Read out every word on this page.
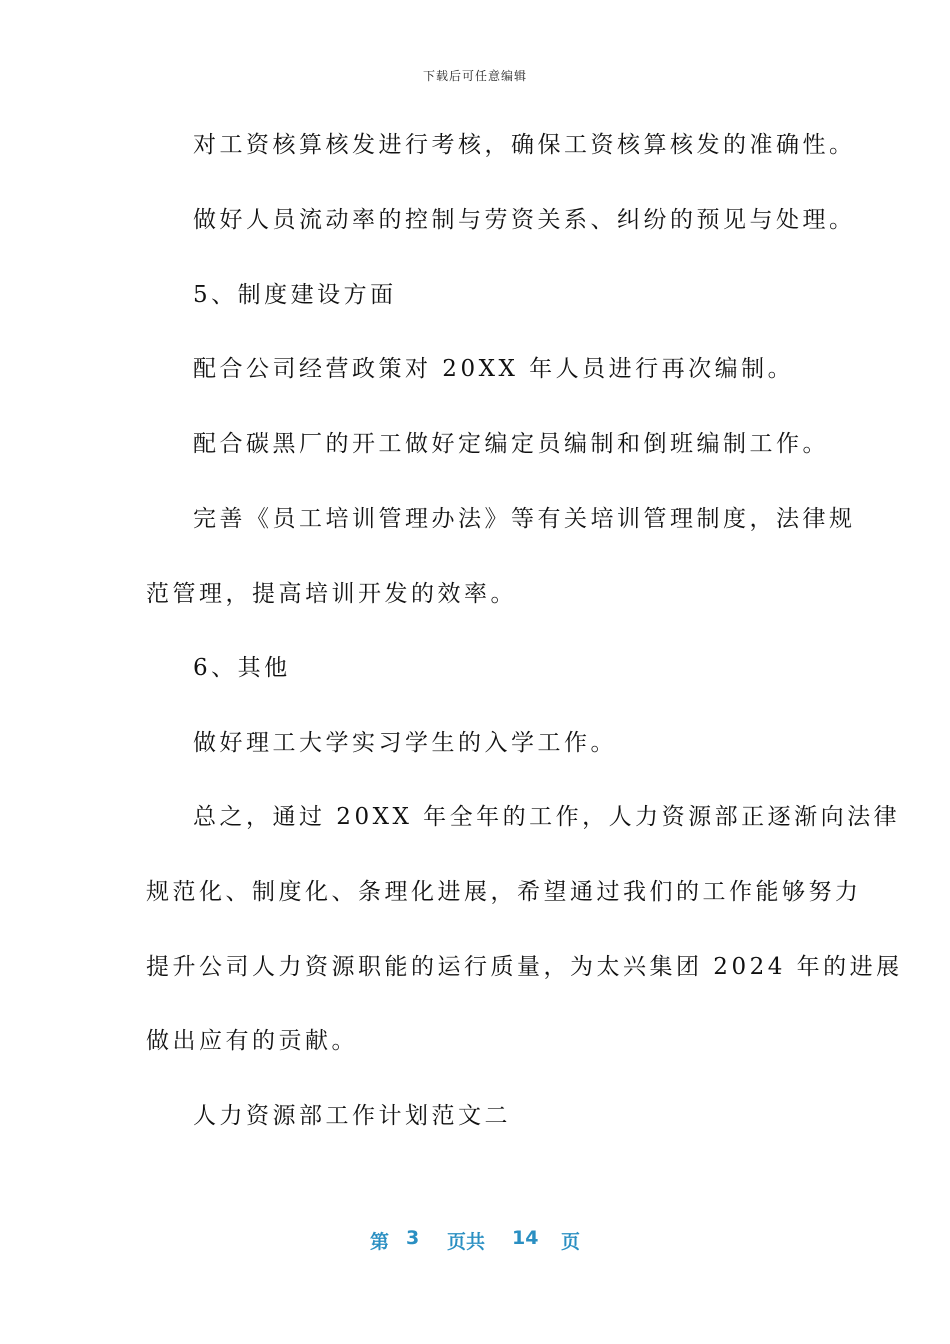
下载后可任意编辑
对工资核算核发进行考核，确保工资核算核发的准确性。
做好人员流动率的控制与劳资关系、纠纷的预见与处理。
5、制度建设方面
配合公司经营政策对 20XX 年人员进行再次编制。
配合碳黑厂的开工做好定编定员编制和倒班编制工作。
完善《员工培训管理办法》等有关培训管理制度，法律规
范管理，提高培训开发的效率。
6、其他
做好理工大学实习学生的入学工作。
总之，通过 20XX 年全年的工作，人力资源部正逐渐向法律
规范化、制度化、条理化进展，希望通过我们的工作能够努力
提升公司人力资源职能的运行质量，为太兴集团 2024 年的进展
做出应有的贡献。
人力资源部工作计划范文二
第 3 页共 14 页
